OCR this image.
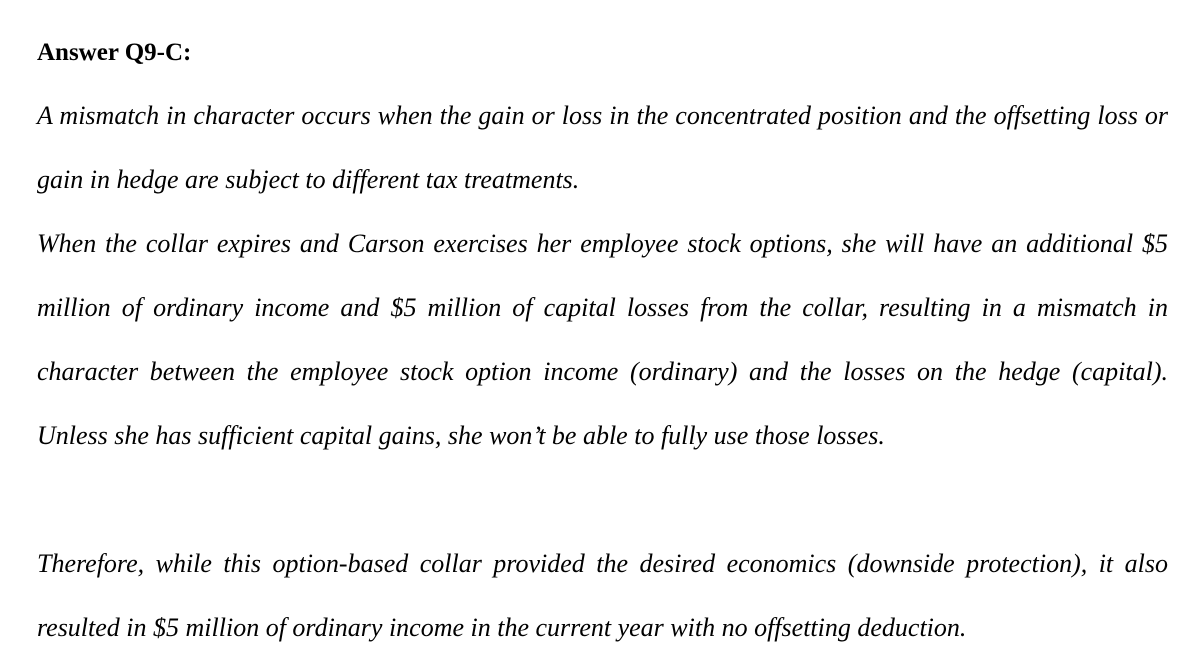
Answer Q9-C:

A mismatch in character occurs when the gain or loss in the concentrated position and the offsetting loss or gain in hedge are subject to different tax treatments.

When the collar expires and Carson exercises her employee stock options, she will have an additional $5 million of ordinary income and $5 million of capital losses from the collar, resulting in a mismatch in character between the employee stock option income (ordinary) and the losses on the hedge (capital). Unless she has sufficient capital gains, she won’t be able to fully use those losses.

Therefore, while this option-based collar provided the desired economics (downside protection), it also resulted in $5 million of ordinary income in the current year with no offsetting deduction.
